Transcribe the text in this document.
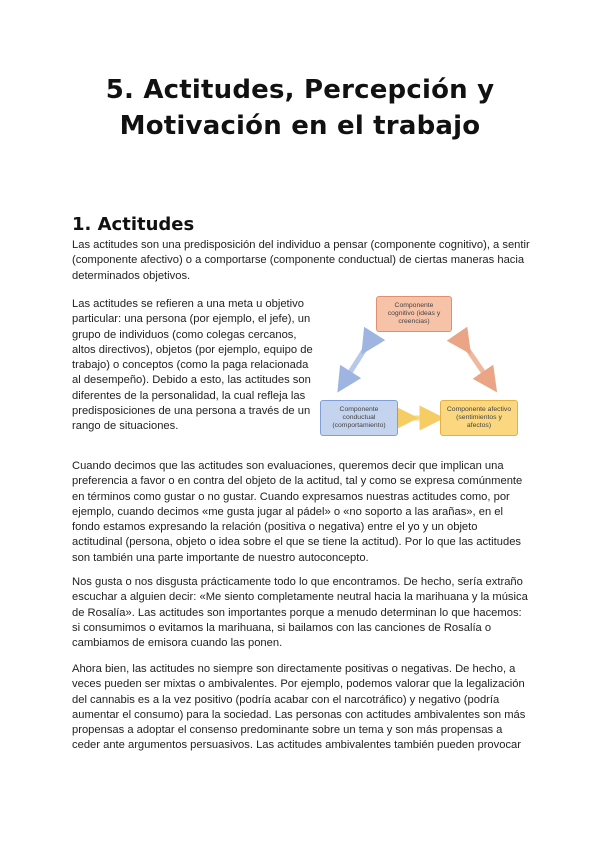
5. Actitudes, Percepción y
Motivación en el trabajo
1. Actitudes

Las actitudes son una predisposición del individuo a pensar (componente cognitivo), a sentir (componente afectivo) o a comportarse (componente conductual) de ciertas maneras hacia determinados objetivos.

Las actitudes se refieren a una meta u objetivo particular: una persona (por ejemplo, el jefe), un grupo de individuos (como colegas cercanos, altos directivos), objetos (por ejemplo, equipo de trabajo) o conceptos (como la paga relacionada al desempeño). Debido a esto, las actitudes son diferentes de la personalidad, la cual refleja las predisposiciones de una persona a través de un rango de situaciones.

Componente cognitivo (ideas y creencias)
Componente conductual (comportamiento)
Componente afectivo (sentimientos y afectos)

Cuando decimos que las actitudes son evaluaciones, queremos decir que implican una preferencia a favor o en contra del objeto de la actitud, tal y como se expresa comúnmente en términos como gustar o no gustar. Cuando expresamos nuestras actitudes como, por ejemplo, cuando decimos «me gusta jugar al pádel» o «no soporto a las arañas», en el fondo estamos expresando la relación (positiva o negativa) entre el yo y un objeto actitudinal (persona, objeto o idea sobre el que se tiene la actitud). Por lo que las actitudes son también una parte importante de nuestro autoconcepto.

Nos gusta o nos disgusta prácticamente todo lo que encontramos. De hecho, sería extraño escuchar a alguien decir: «Me siento completamente neutral hacia la marihuana y la música de Rosalía». Las actitudes son importantes porque a menudo determinan lo que hacemos: si consumimos o evitamos la marihuana, si bailamos con las canciones de Rosalía o cambiamos de emisora cuando las ponen.

Ahora bien, las actitudes no siempre son directamente positivas o negativas. De hecho, a veces pueden ser mixtas o ambivalentes. Por ejemplo, podemos valorar que la legalización del cannabis es a la vez positivo (podría acabar con el narcotráfico) y negativo (podría aumentar el consumo) para la sociedad. Las personas con actitudes ambivalentes son más propensas a adoptar el consenso predominante sobre un tema y son más propensas a ceder ante argumentos persuasivos. Las actitudes ambivalentes también pueden provocar
